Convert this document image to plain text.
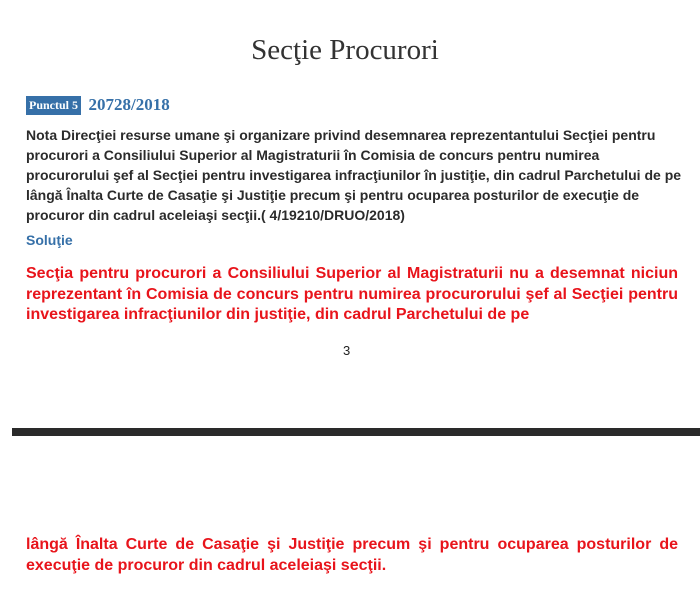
Secţie Procurori
Punctul 5 20728/2018

Nota Direcţiei resurse umane şi organizare privind desemnarea reprezentantului Secţiei pentru procurori a Consiliului Superior al Magistraturii în Comisia de concurs pentru numirea procurorului şef al Secţiei pentru investigarea infracţiunilor în justiţie, din cadrul Parchetului de pe lângă Înalta Curte de Casaţie şi Justiţie precum şi pentru ocuparea posturilor de execuţie de procuror din cadrul aceleiaşi secţii.( 4/19210/DRUO/2018)

Soluţie

Secţia pentru procurori a Consiliului Superior al Magistraturii nu a desemnat niciun reprezentant în Comisia de concurs pentru numirea procurorului şef al Secţiei pentru investigarea infracţiunilor din justiţie, din cadrul Parchetului de pe

3

lângă Înalta Curte de Casaţie şi Justiţie precum şi pentru ocuparea posturilor de execuţie de procuror din cadrul aceleiaşi secţii.
